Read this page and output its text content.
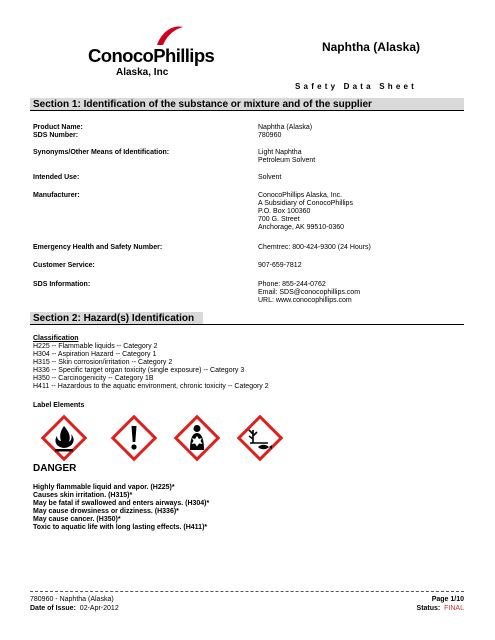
ConocoPhillips
Alaska, Inc
Naphtha (Alaska)
Safety Data Sheet
Section 1: Identification of the substance or mixture and of the supplier
Product Name:	Naphtha (Alaska)
SDS Number:	780960
Synonyms/Other Means of Identification:	Light Naphtha
Petroleum Solvent
Intended Use:	Solvent
Manufacturer:	ConocoPhillips Alaska, Inc.
A Subsidiary of ConocoPhillips
P.O. Box 100360
700 G. Street
Anchorage, AK 99510-0360
Emergency Health and Safety Number:	Chemtrec: 800-424-9300 (24 Hours)
Customer Service:	907-659-7812
SDS Information:	Phone: 855-244-0762
Email: SDS@conocophillips.com
URL: www.conocophillips.com
Section 2: Hazard(s) Identification
Classification
H225 -- Flammable liquids -- Category 2
H304 -- Aspiration Hazard -- Category 1
H315 -- Skin corrosion/irritation -- Category 2
H336 -- Specific target organ toxicity (single exposure) -- Category 3
H350 -- Carcinogenicity -- Category 1B
H411 -- Hazardous to the aquatic environment, chronic toxicity -- Category 2
Label Elements
DANGER
Highly flammable liquid and vapor. (H225)*
Causes skin irritation. (H315)*
May be fatal if swallowed and enters airways. (H304)*
May cause drowsiness or dizziness. (H336)*
May cause cancer. (H350)*
Toxic to aquatic life with long lasting effects. (H411)*
780960 - Naphtha (Alaska)	Page 1/10
Date of Issue: 02-Apr-2012	Status: FINAL
